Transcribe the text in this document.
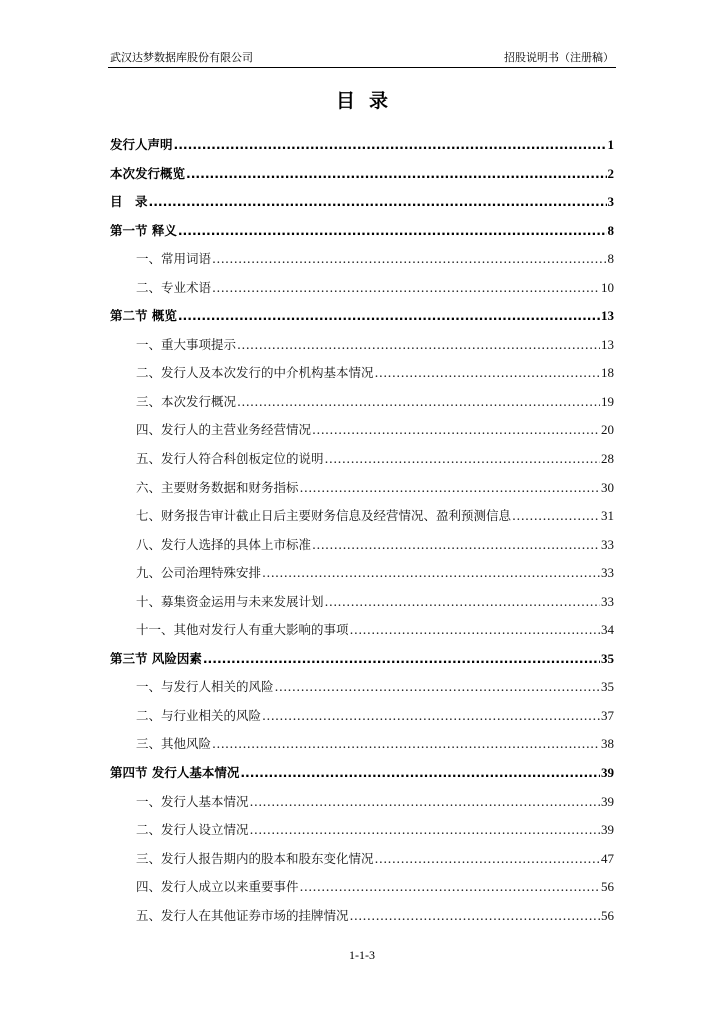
武汉达梦数据库股份有限公司	招股说明书（注册稿）
目录
发行人声明 . . .	1
本次发行概览 . . .	2
目　录 . . .	3
第一节 释义 . . .	8
一、常用词语 . . .	8
二、专业术语 . . .	10
第二节 概览 . . .	13
一、重大事项提示 . . .	13
二、发行人及本次发行的中介机构基本情况 . . .	18
三、本次发行概况 . . .	19
四、发行人的主营业务经营情况 . . .	20
五、发行人符合科创板定位的说明 . . .	28
六、主要财务数据和财务指标 . . .	30
七、财务报告审计截止日后主要财务信息及经营情况、盈利预测信息 . . .	31
八、发行人选择的具体上市标准 . . .	33
九、公司治理特殊安排 . . .	33
十、募集资金运用与未来发展计划 . . .	33
十一、其他对发行人有重大影响的事项 . . .	34
第三节 风险因素 . . .	35
一、与发行人相关的风险 . . .	35
二、与行业相关的风险 . . .	37
三、其他风险 . . .	38
第四节 发行人基本情况 . . .	39
一、发行人基本情况 . . .	39
二、发行人设立情况 . . .	39
三、发行人报告期内的股本和股东变化情况 . . .	47
四、发行人成立以来重要事件 . . .	56
五、发行人在其他证券市场的挂牌情况 . . .	56
1-1-3
